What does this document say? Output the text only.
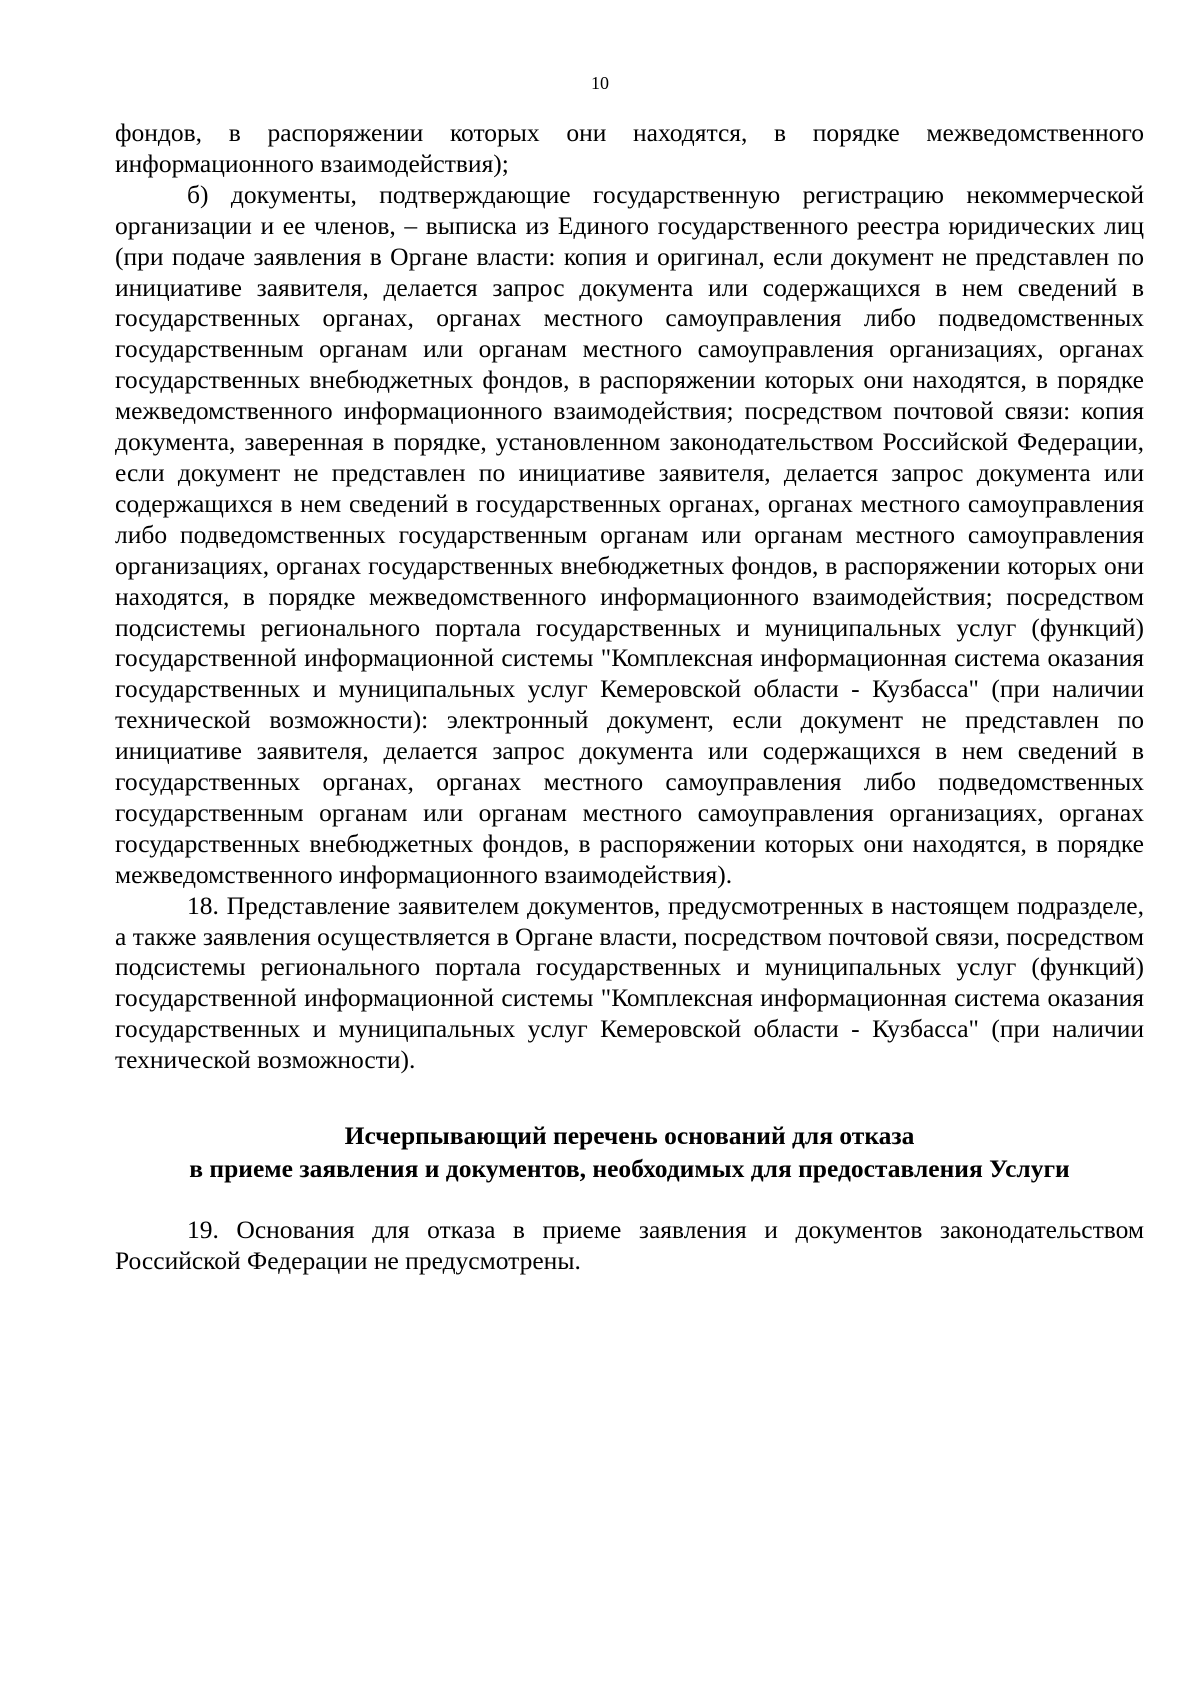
10

фондов, в распоряжении которых они находятся, в порядке межведомственного информационного взаимодействия);

б) документы, подтверждающие государственную регистрацию некоммерческой организации и ее членов, – выписка из Единого государственного реестра юридических лиц (при подаче заявления в Органе власти: копия и оригинал, если документ не представлен по инициативе заявителя, делается запрос документа или содержащихся в нем сведений в государственных органах, органах местного самоуправления либо подведомственных государственным органам или органам местного самоуправления организациях, органах государственных внебюджетных фондов, в распоряжении которых они находятся, в порядке межведомственного информационного взаимодействия; посредством почтовой связи: копия документа, заверенная в порядке, установленном законодательством Российской Федерации, если документ не представлен по инициативе заявителя, делается запрос документа или содержащихся в нем сведений в государственных органах, органах местного самоуправления либо подведомственных государственным органам или органам местного самоуправления организациях, органах государственных внебюджетных фондов, в распоряжении которых они находятся, в порядке межведомственного информационного взаимодействия; посредством подсистемы регионального портала государственных и муниципальных услуг (функций) государственной информационной системы "Комплексная информационная система оказания государственных и муниципальных услуг Кемеровской области - Кузбасса" (при наличии технической возможности): электронный документ, если документ не представлен по инициативе заявителя, делается запрос документа или содержащихся в нем сведений в государственных органах, органах местного самоуправления либо подведомственных государственным органам или органам местного самоуправления организациях, органах государственных внебюджетных фондов, в распоряжении которых они находятся, в порядке межведомственного информационного взаимодействия).

18. Представление заявителем документов, предусмотренных в настоящем подразделе, а также заявления осуществляется в Органе власти, посредством почтовой связи, посредством подсистемы регионального портала государственных и муниципальных услуг (функций) государственной информационной системы "Комплексная информационная система оказания государственных и муниципальных услуг Кемеровской области - Кузбасса" (при наличии технической возможности).

Исчерпывающий перечень оснований для отказа
в приеме заявления и документов, необходимых для предоставления Услуги

19. Основания для отказа в приеме заявления и документов законодательством Российской Федерации не предусмотрены.
